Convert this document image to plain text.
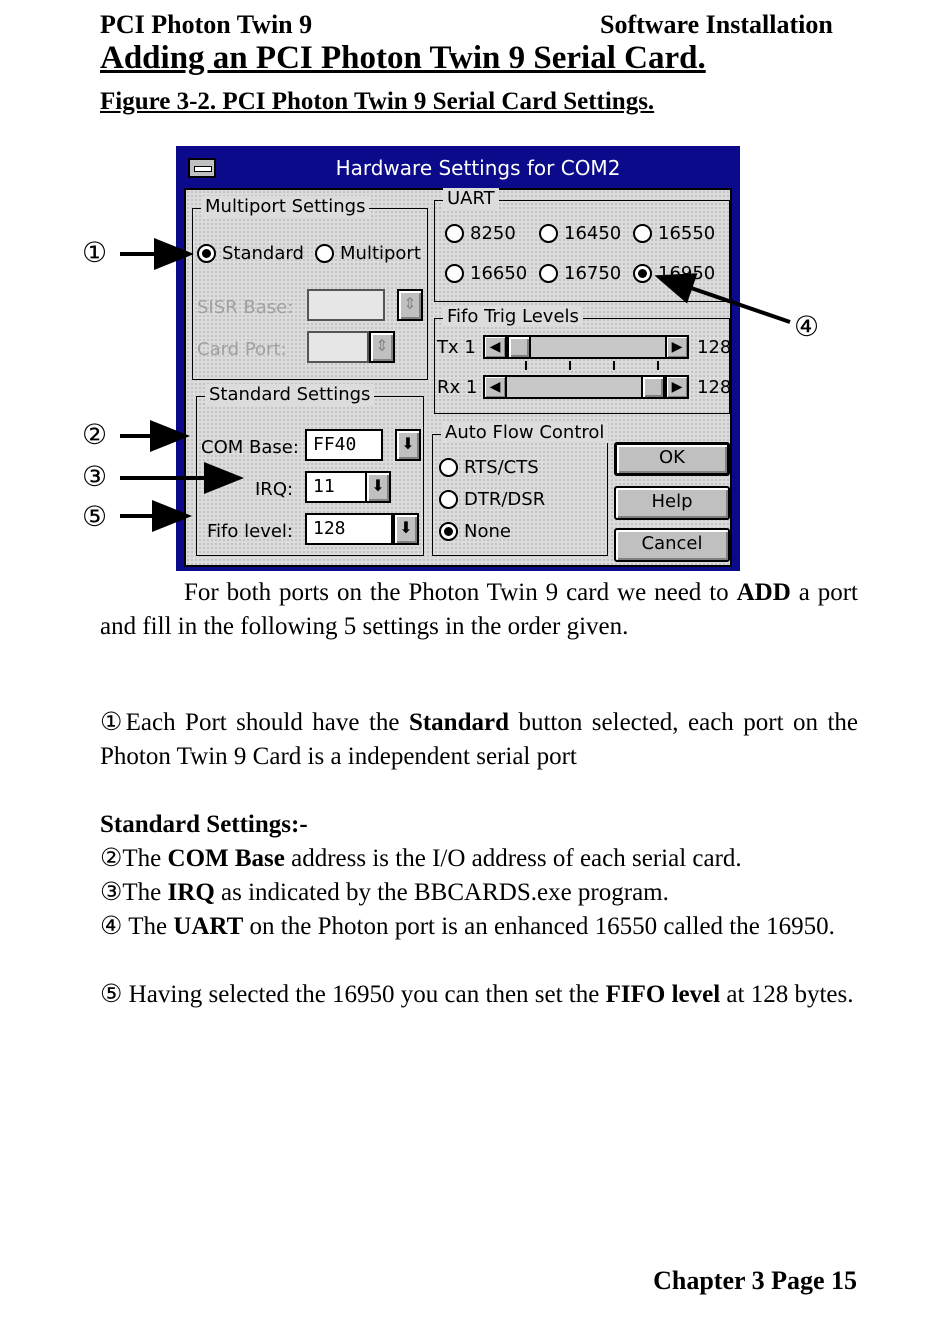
PCI Photon Twin 9	Software Installation
Adding an PCI Photon Twin 9 Serial Card.
Figure 3-2. PCI Photon Twin 9 Serial Card Settings.
Hardware Settings for COM2
Multiport Settings
Standard Multiport
SISR Base:	⇕
Card Port:	⇕
Standard Settings
COM Base: FF40	⬇
IRQ:	11	⬇
Fifo level:	128	⬇
UART
8250	16450 16550
16650 16750 16950
Fifo Trig Levels
Tx 1 ◀	▶ 128
Rx 1 ◀	▶ 128
Auto Flow Control
RTS/CTS
DTR/DSR
None
OK
Help
Cancel
①
②
③
⑤
④
For both ports on the Photon Twin 9 card we need to ADD a port and fill in the following 5 settings in the order given.
①Each Port should have the Standard button selected, each port on the Photon Twin 9 Card is a independent serial port
Standard Settings:-
②The COM Base address is the I/O address of each serial card.
③The IRQ as indicated by the BBCARDS.exe program.
④ The UART on the Photon port is an enhanced 16550 called the 16950.
⑤ Having selected the 16950 you can then set the FIFO level at 128 bytes.
Chapter 3 Page 15
